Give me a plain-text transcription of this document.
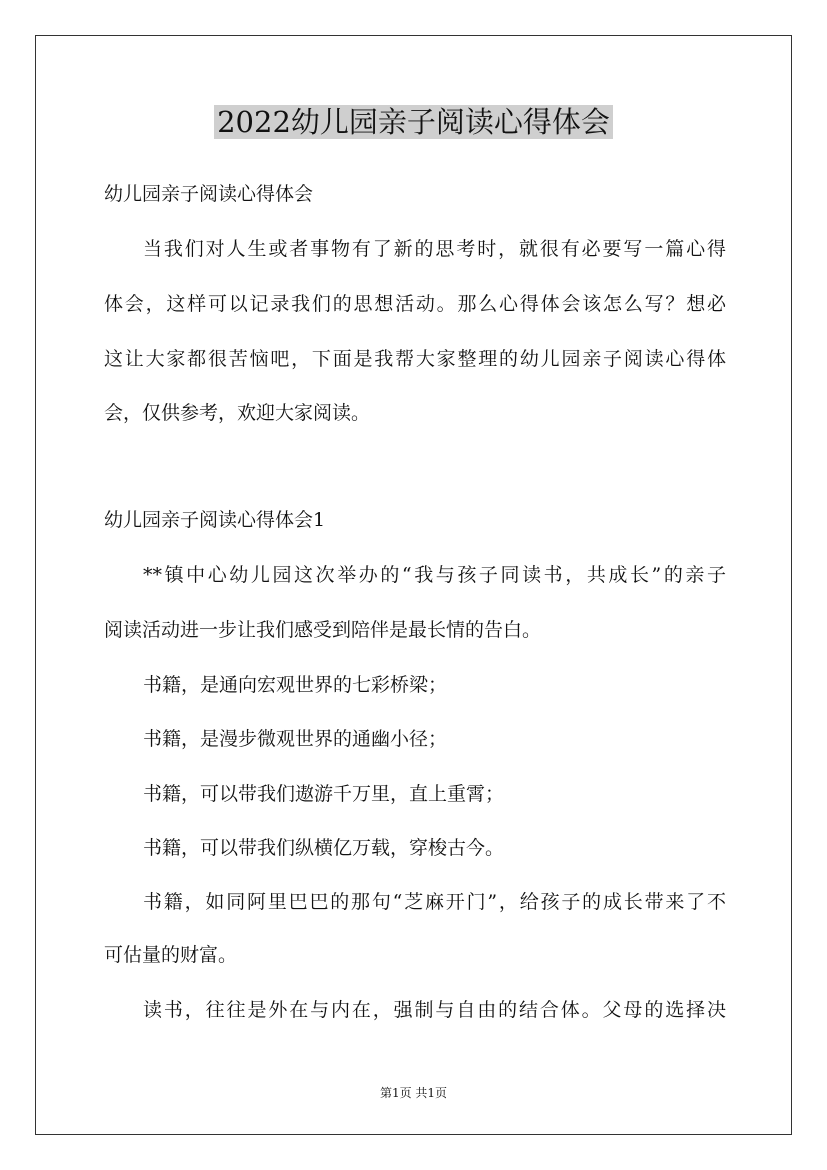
2022幼儿园亲子阅读心得体会

幼儿园亲子阅读心得体会

当我们对人生或者事物有了新的思考时，就很有必要写一篇心得

体会，这样可以记录我们的思想活动。那么心得体会该怎么写？想必

这让大家都很苦恼吧，下面是我帮大家整理的幼儿园亲子阅读心得体

会，仅供参考，欢迎大家阅读。

幼儿园亲子阅读心得体会1

**镇中心幼儿园这次举办的“我与孩子同读书，共成长”的亲子

阅读活动进一步让我们感受到陪伴是最长情的告白。

书籍，是通向宏观世界的七彩桥梁；

书籍，是漫步微观世界的通幽小径；

书籍，可以带我们遨游千万里，直上重霄；

书籍，可以带我们纵横亿万载，穿梭古今。

书籍，如同阿里巴巴的那句“芝麻开门”，给孩子的成长带来了不

可估量的财富。

读书，往往是外在与内在，强制与自由的结合体。父母的选择决

第1页 共1页
